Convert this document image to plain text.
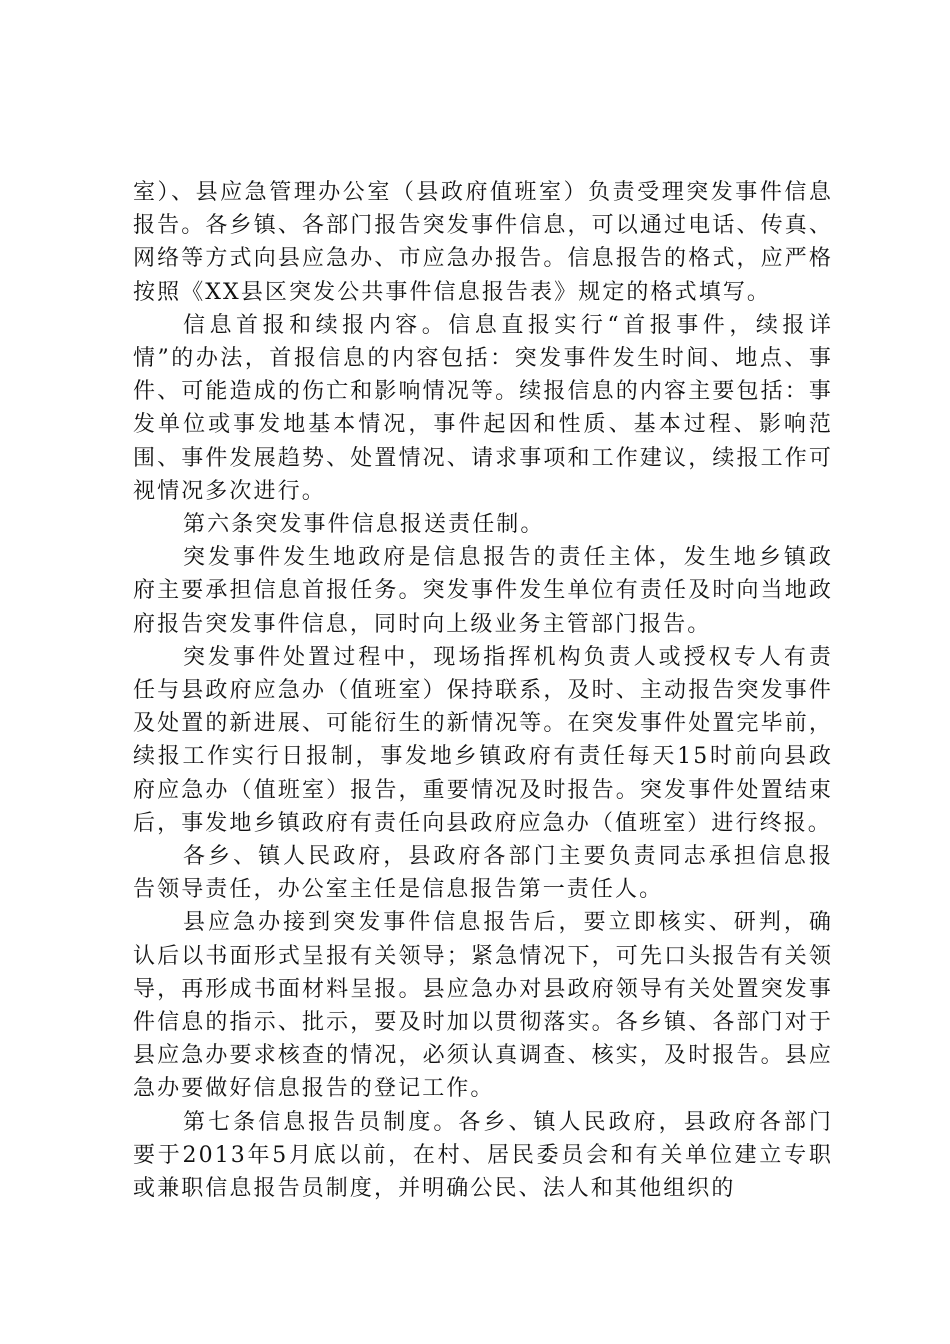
室）、县应急管理办公室（县政府值班室）负责受理突发事件信息报告。各乡镇、各部门报告突发事件信息，可以通过电话、传真、网络等方式向县应急办、市应急办报告。信息报告的格式，应严格按照《XX县区突发公共事件信息报告表》规定的格式填写。

信息首报和续报内容。信息直报实行“首报事件，续报详情”的办法，首报信息的内容包括：突发事件发生时间、地点、事件、可能造成的伤亡和影响情况等。续报信息的内容主要包括：事发单位或事发地基本情况，事件起因和性质、基本过程、影响范围、事件发展趋势、处置情况、请求事项和工作建议，续报工作可视情况多次进行。

第六条突发事件信息报送责任制。

突发事件发生地政府是信息报告的责任主体，发生地乡镇政府主要承担信息首报任务。突发事件发生单位有责任及时向当地政府报告突发事件信息，同时向上级业务主管部门报告。

突发事件处置过程中，现场指挥机构负责人或授权专人有责任与县政府应急办（值班室）保持联系，及时、主动报告突发事件及处置的新进展、可能衍生的新情况等。在突发事件处置完毕前，续报工作实行日报制，事发地乡镇政府有责任每天15时前向县政府应急办（值班室）报告，重要情况及时报告。突发事件处置结束后，事发地乡镇政府有责任向县政府应急办（值班室）进行终报。

各乡、镇人民政府，县政府各部门主要负责同志承担信息报告领导责任，办公室主任是信息报告第一责任人。

县应急办接到突发事件信息报告后，要立即核实、研判，确认后以书面形式呈报有关领导；紧急情况下，可先口头报告有关领导，再形成书面材料呈报。县应急办对县政府领导有关处置突发事件信息的指示、批示，要及时加以贯彻落实。各乡镇、各部门对于县应急办要求核查的情况，必须认真调查、核实，及时报告。县应急办要做好信息报告的登记工作。

第七条信息报告员制度。各乡、镇人民政府，县政府各部门要于2013年5月底以前，在村、居民委员会和有关单位建立专职或兼职信息报告员制度，并明确公民、法人和其他组织的
